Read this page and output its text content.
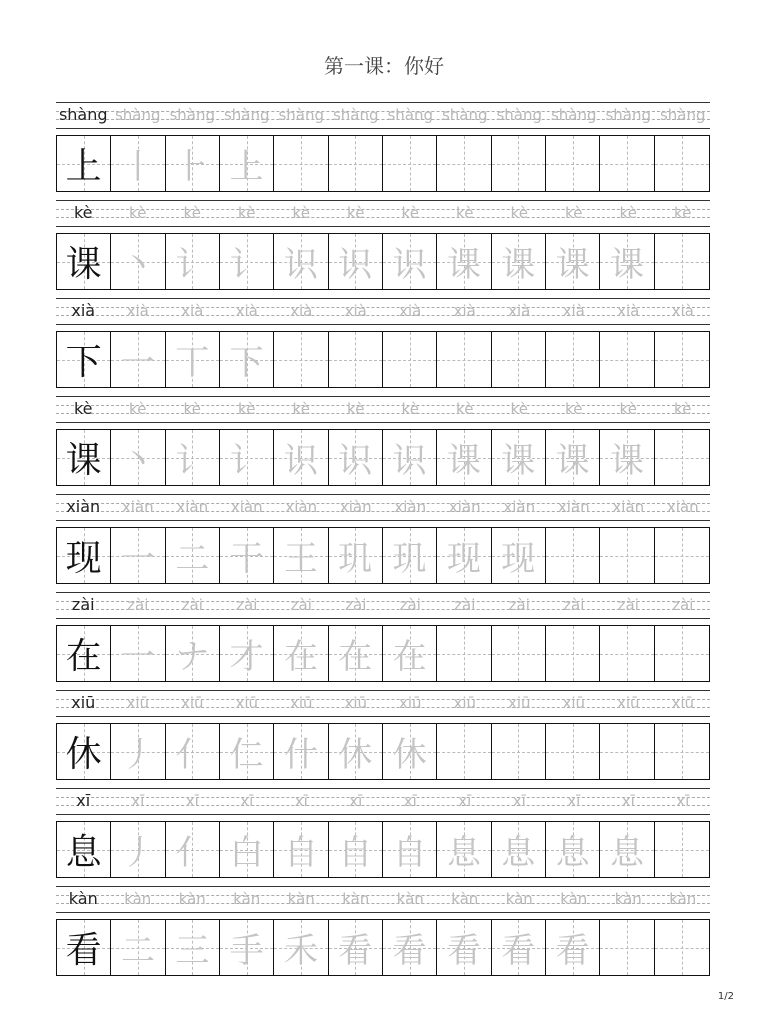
第一课：你好
shàng shàng shàng shàng shàng shàng shàng shàng shàng shàng shàng shàng
上 丨 ⺊ 上
kè	kè	kè	kè	kè	kè	kè	kè	kè	kè	kè	kè
课 丶 讠 讠 识 识 识 课 课 课 课
xià	xià	xià	xià	xià	xià	xià	xià	xià	xià	xià	xià
下 一 丅 下
kè	kè	kè	kè	kè	kè	kè	kè	kè	kè	kè	kè
课 丶 讠 讠 识 识 识 课 课 课 课
xiàn	xiàn	xiàn	xiàn	xiàn	xiàn	xiàn	xiàn	xiàn	xiàn	xiàn	xiàn
现 一 二 干 王 玑 玑 现 现
zài	zài	zài	zài	zài	zài	zài	zài	zài	zài	zài	zài
在 一 ナ 才 在 在 在
xiū	xiū	xiū	xiū	xiū	xiū	xiū	xiū	xiū	xiū	xiū	xiū
休 丿 亻 仁 什 休 休
xī	xī	xī	xī	xī	xī	xī	xī	xī	xī	xī	xī
息 丿 亻 白 自 自 自 息 息 息 息
kàn	kàn	kàn	kàn	kàn	kàn	kàn	kàn	kàn	kàn	kàn	kàn
看 二 三 手 禾 看 看 看 看 看
1/2
